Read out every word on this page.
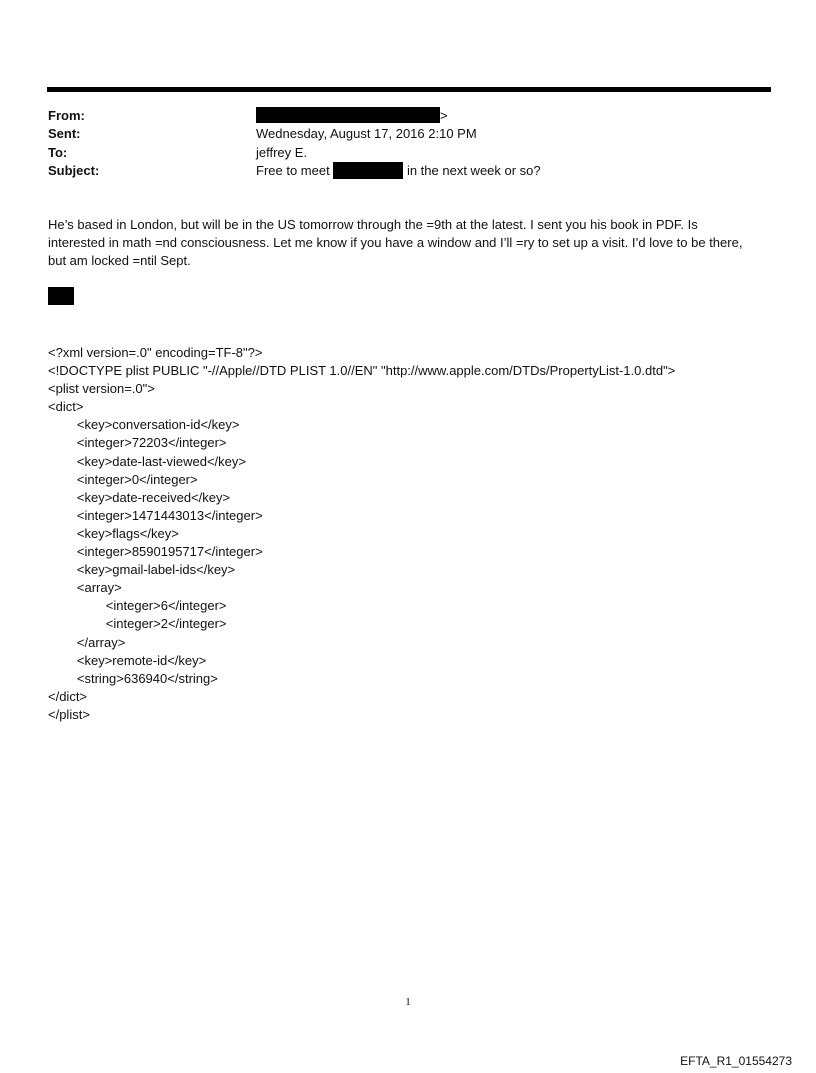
From:	>
Sent:	Wednesday, August 17, 2016 2:10 PM
To:	jeffrey E.
Subject:	Free to meet	in the next week or so?
He’s based in London, but will be in the US tomorrow through the =9th at the latest. I sent you his book in PDF. Is interested in math =nd consciousness. Let me know if you have a window and I’ll =ry to set up a visit. I’d love to be there, but am locked =ntil Sept.
<?xml version=.0" encoding=TF-8"?>
<!DOCTYPE plist PUBLIC "-//Apple//DTD PLIST 1.0//EN" "http://www.apple.com/DTDs/PropertyList-1.0.dtd">
<plist version=.0">
<dict>
<key>conversation-id</key>
<integer>72203</integer>
<key>date-last-viewed</key>
<integer>0</integer>
<key>date-received</key>
<integer>1471443013</integer>
<key>flags</key>
<integer>8590195717</integer>
<key>gmail-label-ids</key>
<array>
<integer>6</integer>
<integer>2</integer>
</array>
<key>remote-id</key>
<string>636940</string>
</dict>
</plist>
1
EFTA_R1_01554273
